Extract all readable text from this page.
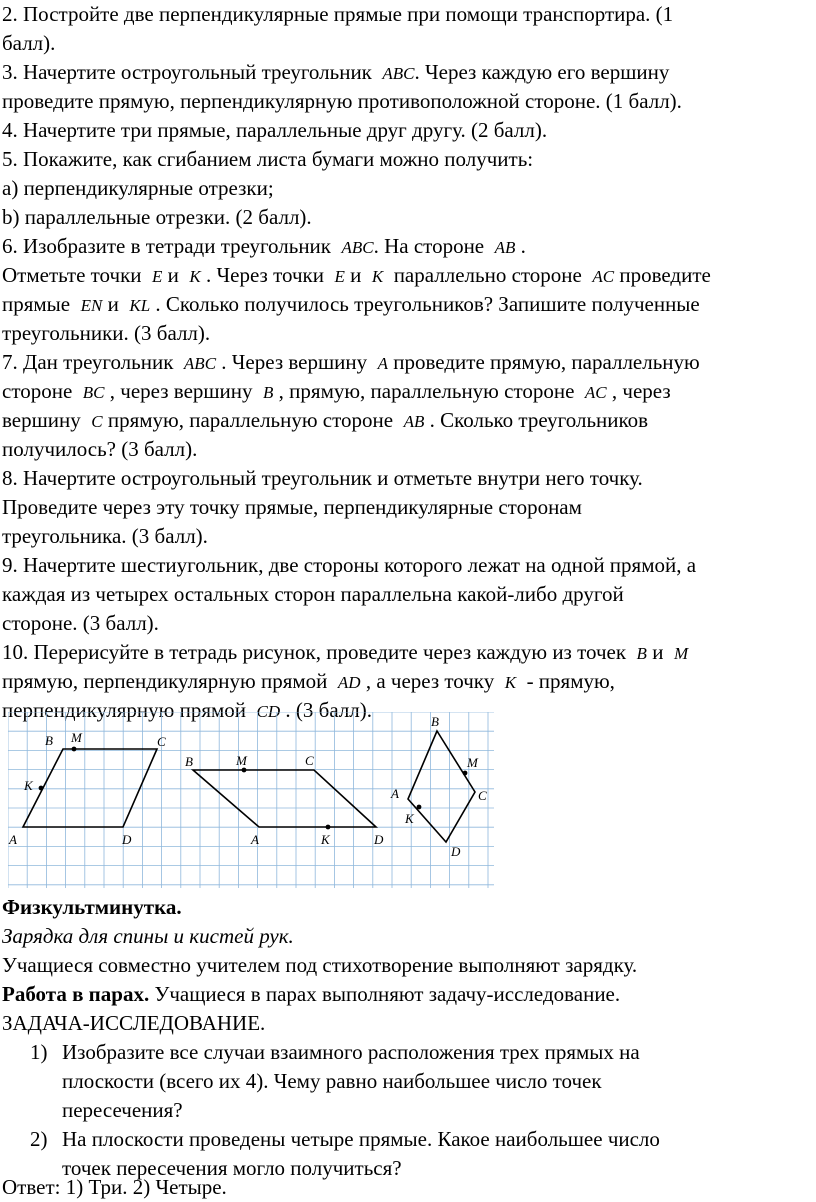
2. Постройте две перпендикулярные прямые при помощи транспортира. (1
балл).
3. Начертите остроугольный треугольник ABC. Через каждую его вершину
проведите прямую, перпендикулярную противоположной стороне. (1 балл).
4. Начертите три прямые, параллельные друг другу. (2 балл).
5. Покажите, как сгибанием листа бумаги можно получить:
а) перпендикулярные отрезки;
b) параллельные отрезки. (2 балл).
6. Изобразите в тетради треугольник ABC. На стороне AB .
Отметьте точки E и K . Через точки E и K параллельно стороне AC проведите
прямые EN и KL . Сколько получилось треугольников? Запишите полученные
треугольники. (3 балл).
7. Дан треугольник ABC . Через вершину A проведите прямую, параллельную
стороне BC , через вершину B , прямую, параллельную стороне AC , через
вершину C прямую, параллельную стороне AB . Сколько треугольников
получилось? (3 балл).
8. Начертите остроугольный треугольник и отметьте внутри него точку.
Проведите через эту точку прямые, перпендикулярные сторонам
треугольника. (3 балл).
9. Начертите шестиугольник, две стороны которого лежат на одной прямой, а
каждая из четырех остальных сторон параллельна какой-либо другой
стороне. (3 балл).
10. Перерисуйте в тетрадь рисунок, проведите через каждую из точек B и M
прямую, перпендикулярную прямой AD , а через точку K - прямую,
перпендикулярную прямой CD . (3 балл).
B M	C
K
A	D
B	M	C
A	K	D
B
M
A	C
K
D
Физкультминутка.
Зарядка для спины и кистей рук.
Учащиеся совместно учителем под стихотворение выполняют зарядку.
Работа в парах. Учащиеся в парах выполняют задачу-исследование.
ЗАДАЧА-ИССЛЕДОВАНИЕ.
1) Изобразите все случаи взаимного расположения трех прямых на
плоскости (всего их 4). Чему равно наибольшее число точек
пересечения?
2) На плоскости проведены четыре прямые. Какое наибольшее число
точек пересечения могло получиться?
Ответ: 1) Три. 2) Четыре.
